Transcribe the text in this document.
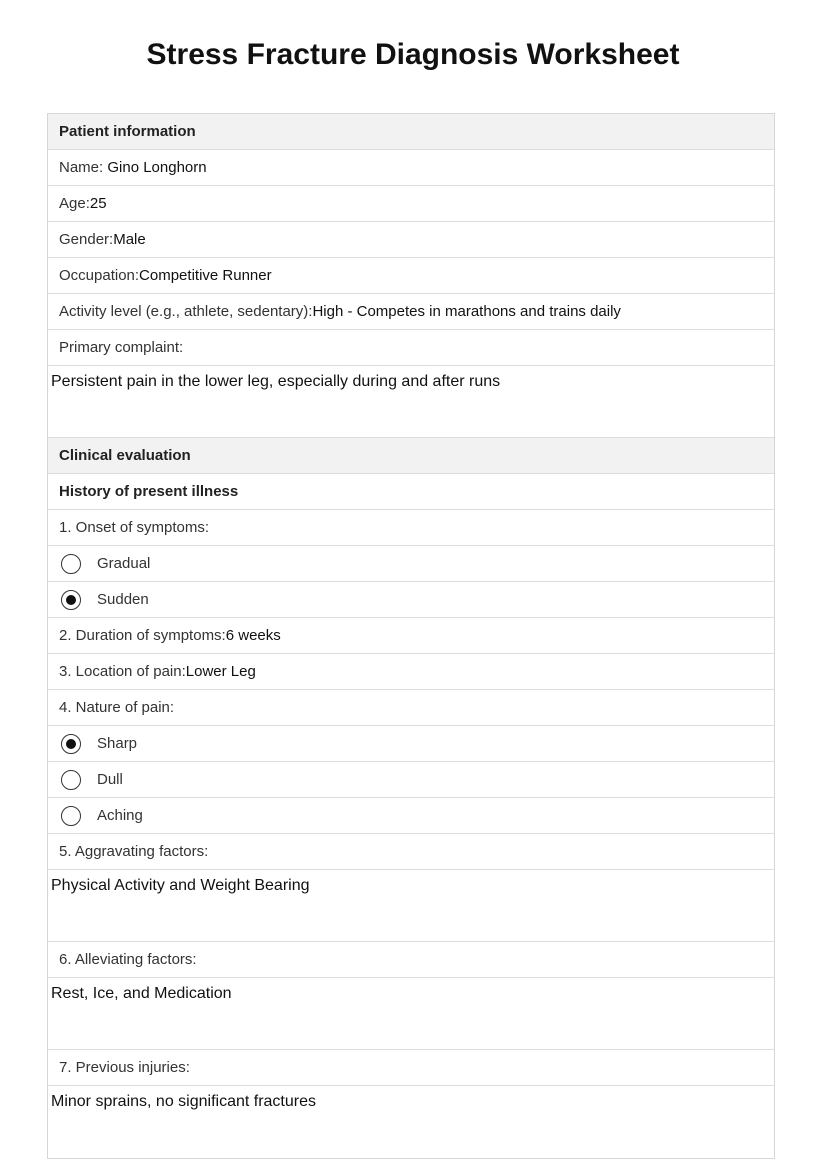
Stress Fracture Diagnosis Worksheet
Patient information
Name: Gino Longhorn
Age: 25
Gender: Male
Occupation: Competitive Runner
Activity level (e.g., athlete, sedentary): High - Competes in marathons and trains daily
Primary complaint:
Persistent pain in the lower leg, especially during and after runs
Clinical evaluation
History of present illness
1. Onset of symptoms:
Gradual
Sudden
2. Duration of symptoms: 6 weeks
3. Location of pain: Lower Leg
4. Nature of pain:
Sharp
Dull
Aching
5. Aggravating factors:
Physical Activity and Weight Bearing
6. Alleviating factors:
Rest, Ice, and Medication
7. Previous injuries:
Minor sprains, no significant fractures
